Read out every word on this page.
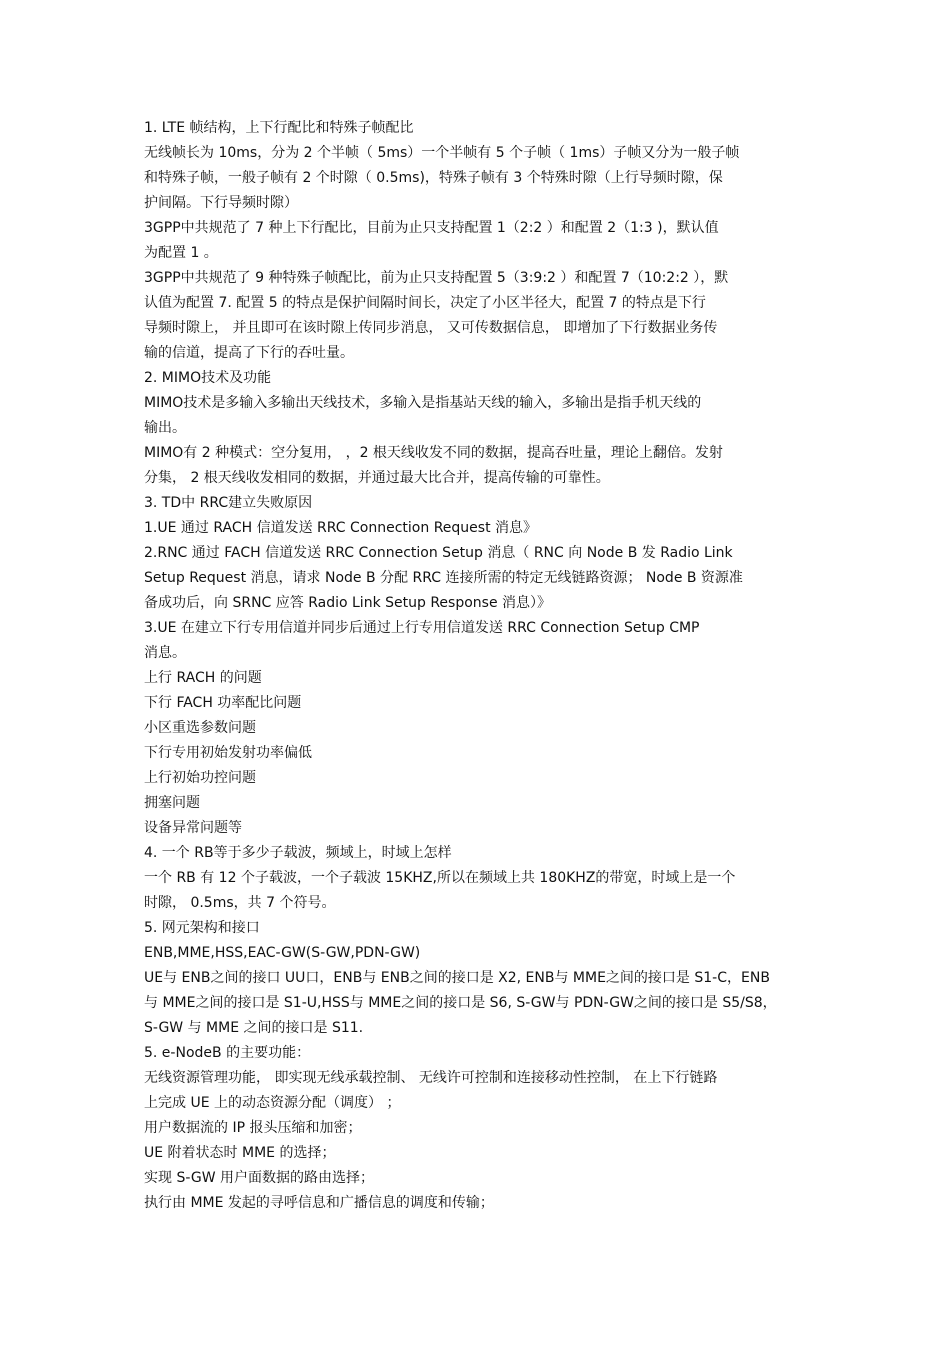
1. LTE 帧结构，上下行配比和特殊子帧配比
无线帧长为 10ms，分为 2 个半帧（ 5ms）一个半帧有 5 个子帧（ 1ms）子帧又分为一般子帧
和特殊子帧，一般子帧有 2 个时隙（ 0.5ms)，特殊子帧有 3 个特殊时隙（上行导频时隙，保
护间隔。下行导频时隙）
3GPP中共规范了 7 种上下行配比，目前为止只支持配置 1（2:2 ）和配置 2（1:3 )，默认值
为配置 1 。
3GPP中共规范了 9 种特殊子帧配比，前为止只支持配置 5（3:9:2 ）和配置 7（10:2:2 ），默
认值为配置 7. 配置 5 的特点是保护间隔时间长，决定了小区半径大，配置 7 的特点是下行
导频时隙上， 并且即可在该时隙上传同步消息， 又可传数据信息， 即增加了下行数据业务传
输的信道，提高了下行的吞吐量。
2. MIMO技术及功能
MIMO技术是多输入多输出天线技术，多输入是指基站天线的输入，多输出是指手机天线的
输出。
MIMO有 2 种模式：空分复用， ，2 根天线收发不同的数据，提高吞吐量，理论上翻倍。发射
分集， 2 根天线收发相同的数据，并通过最大比合并，提高传输的可靠性。
3. TD中 RRC建立失败原因
1.UE 通过 RACH 信道发送 RRC Connection Request 消息》
2.RNC 通过 FACH 信道发送 RRC Connection Setup 消息（ RNC 向 Node B 发 Radio Link
Setup Request 消息，请求 Node B 分配 RRC 连接所需的特定无线链路资源； Node B 资源准
备成功后，向 SRNC 应答 Radio Link Setup Response 消息）》
3.UE 在建立下行专用信道并同步后通过上行专用信道发送 RRC Connection Setup CMP
消息。
上行 RACH 的问题
下行 FACH 功率配比问题
小区重选参数问题
下行专用初始发射功率偏低
上行初始功控问题
拥塞问题
设备异常问题等
4. 一个 RB等于多少子载波，频域上，时域上怎样
一个 RB 有 12 个子载波，一个子载波 15KHZ,所以在频域上共 180KHZ的带宽，时域上是一个
时隙， 0.5ms，共 7 个符号。
5. 网元架构和接口
ENB,MME,HSS,EAC-GW(S-GW,PDN-GW)
UE与 ENB之间的接口 UU口，ENB与 ENB之间的接口是 X2, ENB与 MME之间的接口是 S1-C，ENB
与 MME之间的接口是 S1-U,HSS与 MME之间的接口是 S6, S-GW与 PDN-GW之间的接口是 S5/S8，
S-GW 与 MME 之间的接口是 S11.
5. e-NodeB 的主要功能：
无线资源管理功能， 即实现无线承载控制、 无线许可控制和连接移动性控制， 在上下行链路
上完成 UE 上的动态资源分配（调度） ；
用户数据流的 IP 报头压缩和加密；
UE 附着状态时 MME 的选择；
实现 S-GW 用户面数据的路由选择；
执行由 MME 发起的寻呼信息和广播信息的调度和传输；
